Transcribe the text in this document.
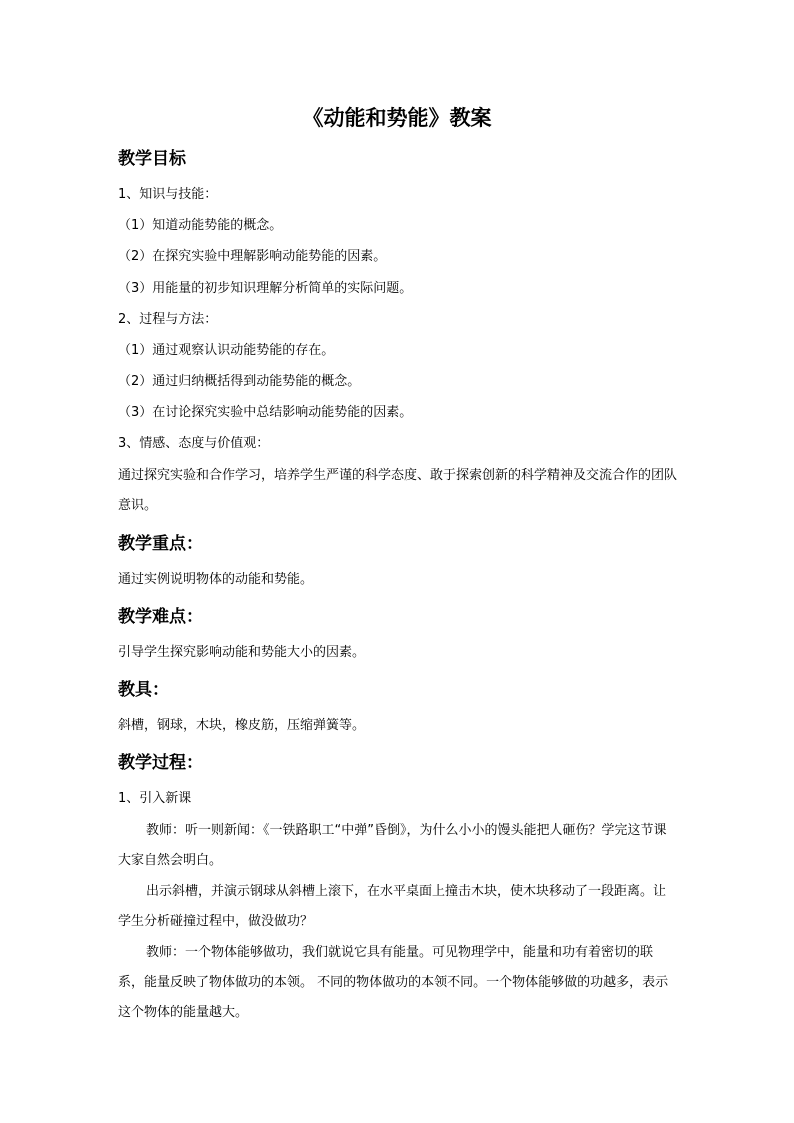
《动能和势能》教案
教学目标
1、知识与技能：
（1）知道动能势能的概念。
（2）在探究实验中理解影响动能势能的因素。
（3）用能量的初步知识理解分析简单的实际问题。
2、过程与方法：
（1）通过观察认识动能势能的存在。
（2）通过归纳概括得到动能势能的概念。
（3）在讨论探究实验中总结影响动能势能的因素。
3、情感、态度与价值观：
通过探究实验和合作学习，培养学生严谨的科学态度、敢于探索创新的科学精神及交流合作的团队意识。
教学重点：
通过实例说明物体的动能和势能。
教学难点：
引导学生探究影响动能和势能大小的因素。
教具：
斜槽，钢球，木块，橡皮筋，压缩弹簧等。
教学过程：
1、引入新课
教师：听一则新闻：《一铁路职工“中弹”昏倒》，为什么小小的馒头能把人砸伤？学完这节课大家自然会明白。
出示斜槽，并演示钢球从斜槽上滚下，在水平桌面上撞击木块，使木块移动了一段距离。让学生分析碰撞过程中，做没做功？
教师：一个物体能够做功，我们就说它具有能量。可见物理学中，能量和功有着密切的联系，能量反映了物体做功的本领。 不同的物体做功的本领不同。一个物体能够做的功越多，表示这个物体的能量越大。
